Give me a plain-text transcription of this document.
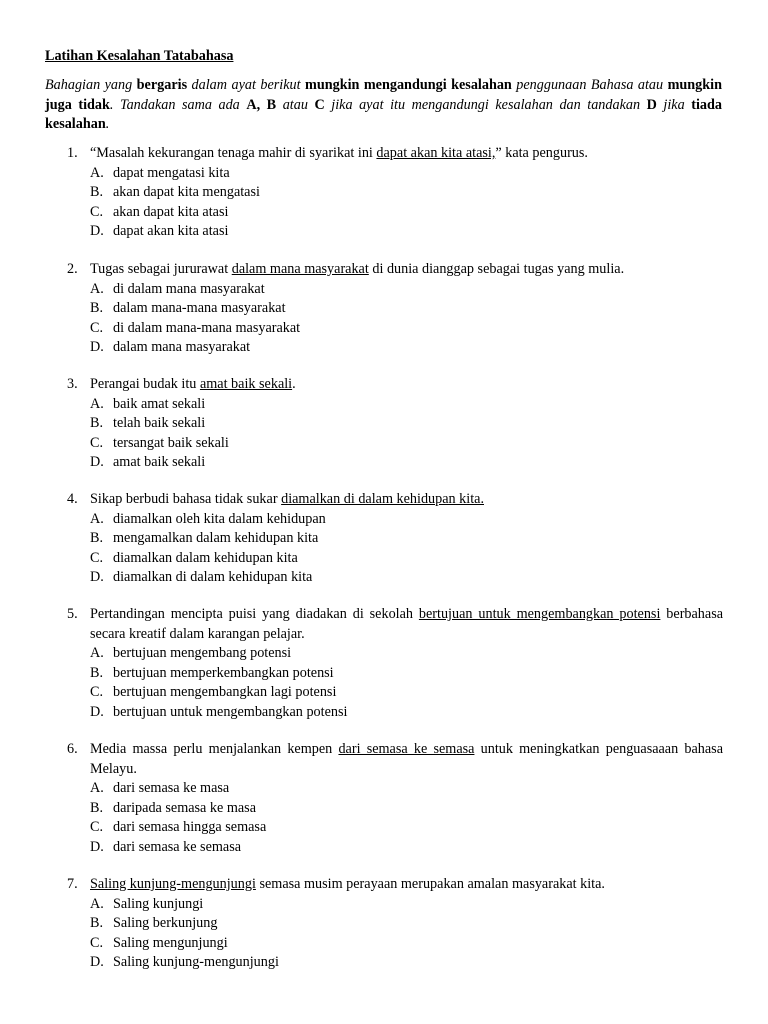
Latihan Kesalahan Tatabahasa
Bahagian yang bergaris dalam ayat berikut mungkin mengandungi kesalahan penggunaan Bahasa atau mungkin juga tidak. Tandakan sama ada A, B atau C jika ayat itu mengandungi kesalahan dan tandakan D jika tiada kesalahan.
1. “Masalah kekurangan tenaga mahir di syarikat ini dapat akan kita atasi,” kata pengurus.
A. dapat mengatasi kita
B. akan dapat kita mengatasi
C. akan dapat kita atasi
D. dapat akan kita atasi
2. Tugas sebagai jururawat dalam mana masyarakat di dunia dianggap sebagai tugas yang mulia.
A. di dalam mana masyarakat
B. dalam mana-mana masyarakat
C. di dalam mana-mana masyarakat
D. dalam mana masyarakat
3. Perangai budak itu amat baik sekali.
A. baik amat sekali
B. telah baik sekali
C. tersangat baik sekali
D. amat baik sekali
4. Sikap berbudi bahasa tidak sukar diamalkan di dalam kehidupan kita.
A. diamalkan oleh kita dalam kehidupan
B. mengamalkan dalam kehidupan kita
C. diamalkan dalam kehidupan kita
D. diamalkan di dalam kehidupan kita
5. Pertandingan mencipta puisi yang diadakan di sekolah bertujuan untuk mengembangkan potensi berbahasa secara kreatif dalam karangan pelajar.
A. bertujuan mengembang potensi
B. bertujuan memperkembangkan potensi
C. bertujuan mengembangkan lagi potensi
D. bertujuan untuk mengembangkan potensi
6. Media massa perlu menjalankan kempen dari semasa ke semasa untuk meningkatkan penguasaaan bahasa Melayu.
A. dari semasa ke masa
B. daripada semasa ke masa
C. dari semasa hingga semasa
D. dari semasa ke semasa
7. Saling kunjung-mengunjungi semasa musim perayaan merupakan amalan masyarakat kita.
A. Saling kunjungi
B. Saling berkunjung
C. Saling mengunjungi
D. Saling kunjung-mengunjungi
